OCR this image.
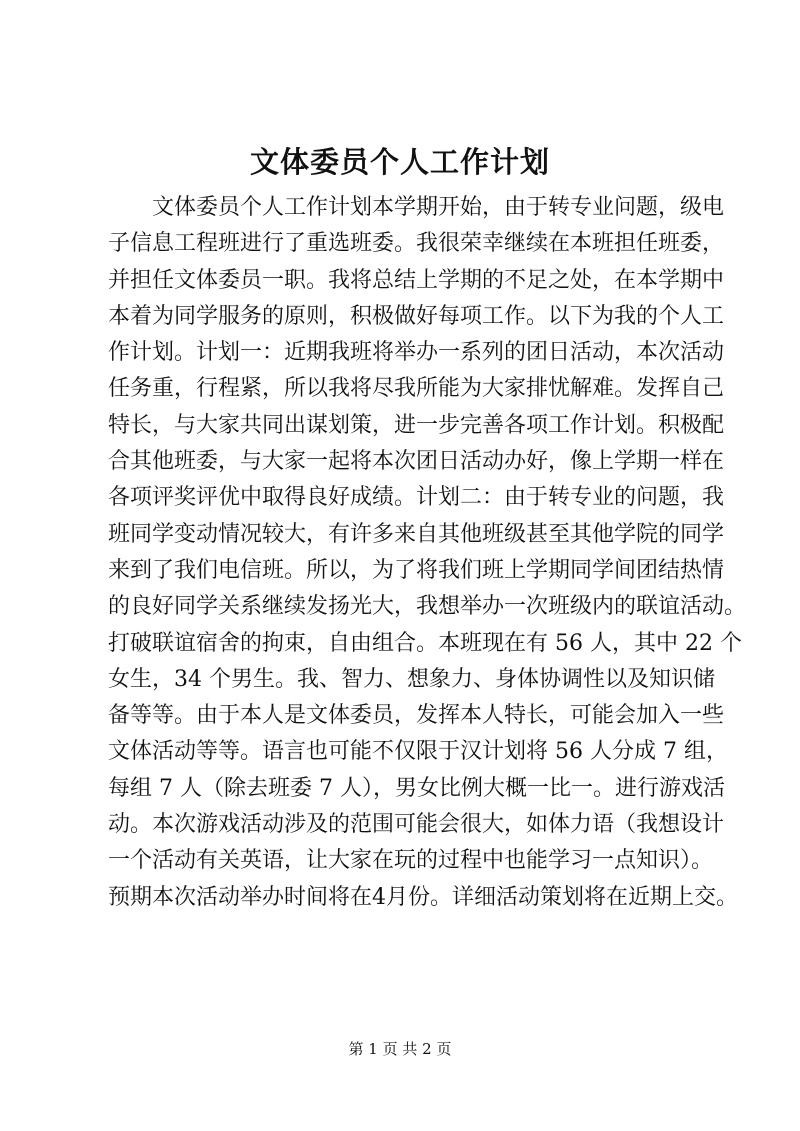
文体委员个人工作计划
文体委员个人工作计划本学期开始，由于转专业问题，级电
子信息工程班进行了重选班委。我很荣幸继续在本班担任班委，
并担任文体委员一职。我将总结上学期的不足之处，在本学期中
本着为同学服务的原则，积极做好每项工作。以下为我的个人工
作计划。计划一：近期我班将举办一系列的团日活动，本次活动
任务重，行程紧，所以我将尽我所能为大家排忧解难。发挥自己
特长，与大家共同出谋划策，进一步完善各项工作计划。积极配
合其他班委，与大家一起将本次团日活动办好，像上学期一样在
各项评奖评优中取得良好成绩。计划二：由于转专业的问题，我
班同学变动情况较大，有许多来自其他班级甚至其他学院的同学
来到了我们电信班。所以，为了将我们班上学期同学间团结热情
的良好同学关系继续发扬光大，我想举办一次班级内的联谊活动。
打破联谊宿舍的拘束，自由组合。本班现在有 56 人，其中 22 个
女生，34 个男生。我、智力、想象力、身体协调性以及知识储
备等等。由于本人是文体委员，发挥本人特长，可能会加入一些
文体活动等等。语言也可能不仅限于汉计划将 56 人分成 7 组，
每组 7 人（除去班委 7 人），男女比例大概一比一。进行游戏活
动。本次游戏活动涉及的范围可能会很大，如体力语（我想设计
一个活动有关英语，让大家在玩的过程中也能学习一点知识）。
预期本次活动举办时间将在4月份。详细活动策划将在近期上交。

第 1 页 共 2 页
